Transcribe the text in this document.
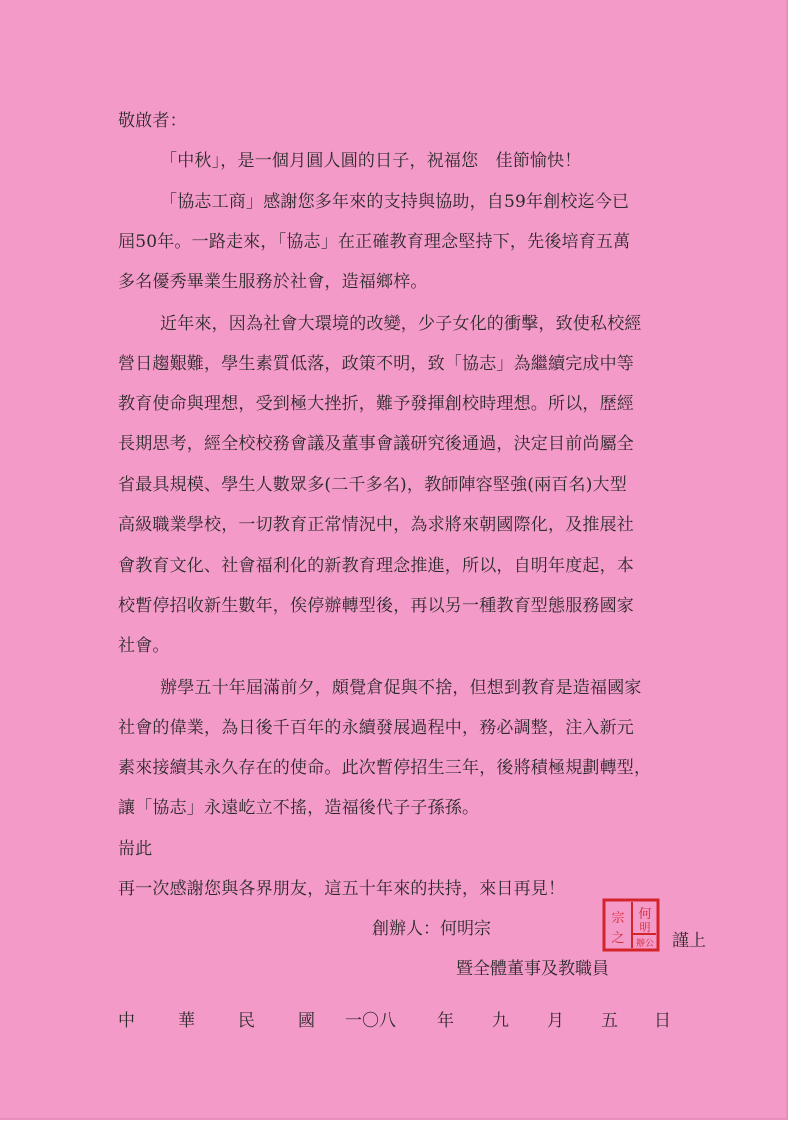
敬啟者：
「中秋」，是一個月圓人圓的日子，祝福您　佳節愉快！
「協志工商」感謝您多年來的支持與協助，自59年創校迄今已
屆50年。一路走來，「協志」在正確教育理念堅持下，先後培育五萬
多名優秀畢業生服務於社會，造福鄉梓。
近年來，因為社會大環境的改變，少子女化的衝擊，致使私校經
營日趨艱難，學生素質低落，政策不明，致「協志」為繼續完成中等
教育使命與理想，受到極大挫折，難予發揮創校時理想。所以，歷經
長期思考，經全校校務會議及董事會議研究後通過，決定目前尚屬全
省最具規模、學生人數眾多(二千多名)，教師陣容堅強(兩百名)大型
高級職業學校，一切教育正常情況中，為求將來朝國際化，及推展社
會教育文化、社會福利化的新教育理念推進，所以，自明年度起，本
校暫停招收新生數年，俟停辦轉型後，再以另一種教育型態服務國家
社會。
辦學五十年屆滿前夕，頗覺倉促與不捨，但想到教育是造福國家
社會的偉業，為日後千百年的永續發展過程中，務必調整，注入新元
素來接續其永久存在的使命。此次暫停招生三年，後將積極規劃轉型，
讓「協志」永遠屹立不搖，造福後代子子孫孫。
耑此
再一次感謝您與各界朋友，這五十年來的扶持，來日再見！
創辦人：何明宗
宗
之
何
明
辦公 謹上
暨全體董事及教職員
中	華	民	國 一〇八 年 九 月 五 日
